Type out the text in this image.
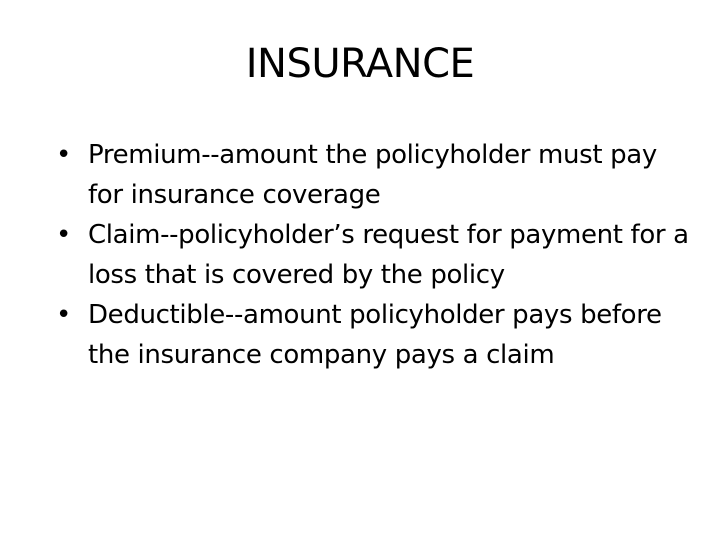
INSURANCE
• Premium--amount the policyholder must pay for insurance coverage
• Claim--policyholder’s request for payment for a loss that is covered by the policy
• Deductible--amount policyholder pays before the insurance company pays a claim
